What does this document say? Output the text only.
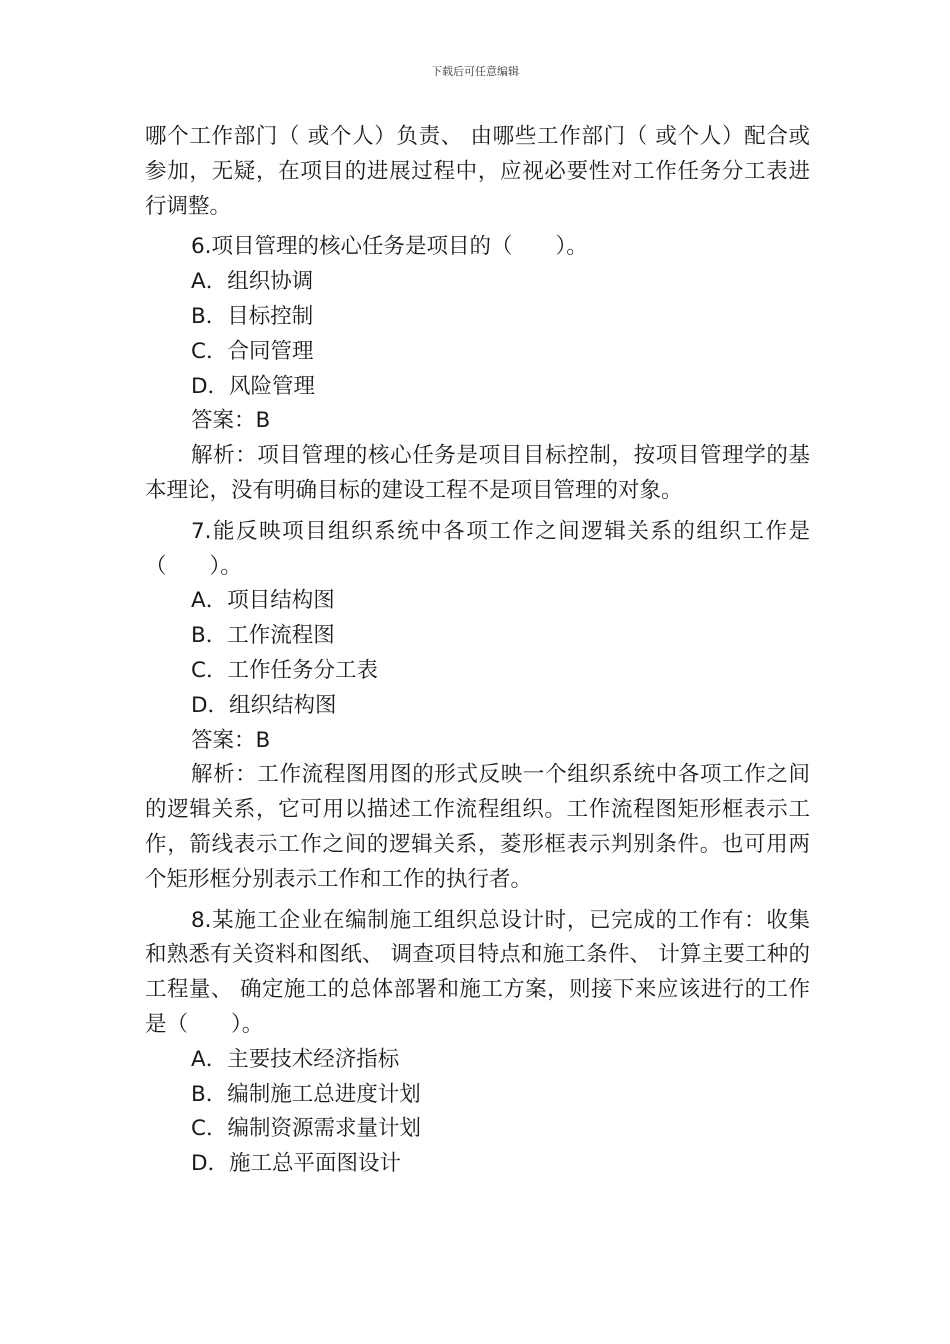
下载后可任意编辑

哪个工作部门（ 或个人）负责、 由哪些工作部门（ 或个人）配合或参加，无疑，在项目的进展过程中，应视必要性对工作任务分工表进行调整。

6.项目管理的核心任务是项目的（　　）。

A．组织协调

B．目标控制

C．合同管理

D．风险管理

答案：B

解析：项目管理的核心任务是项目目标控制，按项目管理学的基本理论，没有明确目标的建设工程不是项目管理的对象。

7.能反映项目组织系统中各项工作之间逻辑关系的组织工作是（　　）。

A．项目结构图

B．工作流程图

C．工作任务分工表

D．组织结构图

答案：B

解析：工作流程图用图的形式反映一个组织系统中各项工作之间的逻辑关系，它可用以描述工作流程组织。工作流程图矩形框表示工作，箭线表示工作之间的逻辑关系，菱形框表示判别条件。也可用两个矩形框分别表示工作和工作的执行者。

8.某施工企业在编制施工组织总设计时，已完成的工作有：收集和熟悉有关资料和图纸、 调查项目特点和施工条件、 计算主要工种的工程量、 确定施工的总体部署和施工方案，则接下来应该进行的工作是（　　）。

A．主要技术经济指标

B．编制施工总进度计划

C．编制资源需求量计划

D．施工总平面图设计
